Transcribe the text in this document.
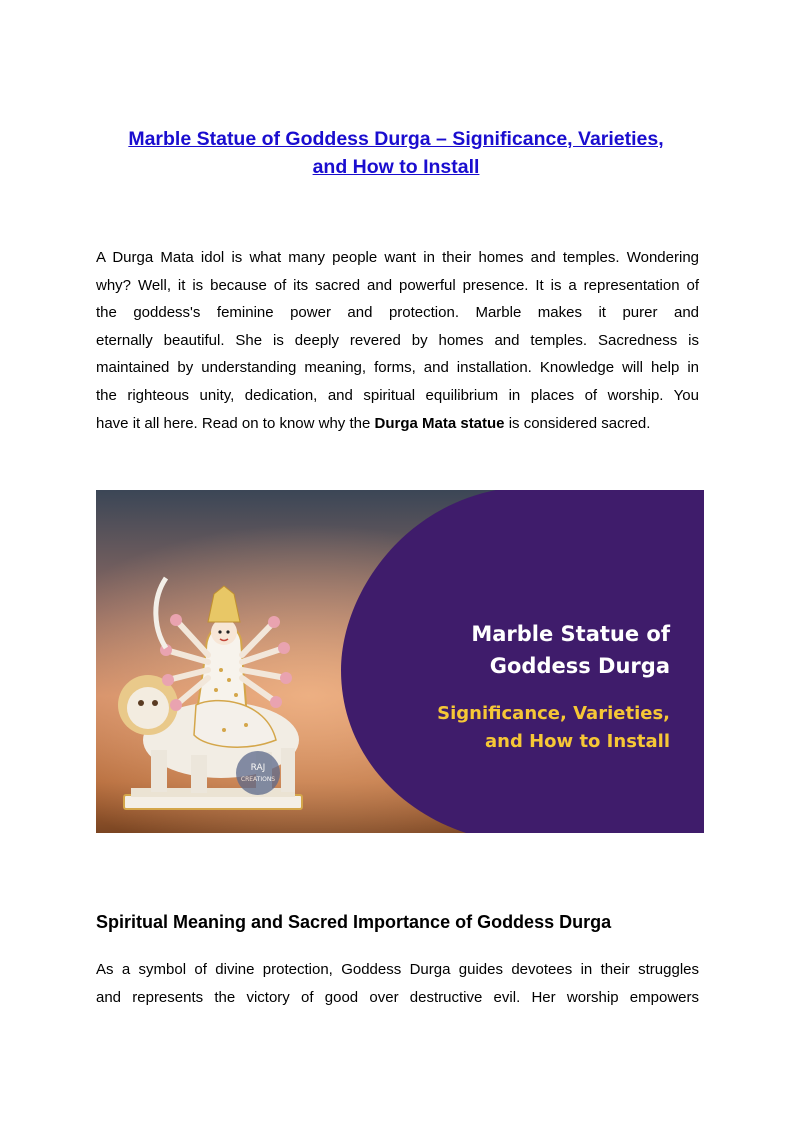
Marble Statue of Goddess Durga – Significance, Varieties,
and How to Install

A Durga Mata idol is what many people want in their homes and temples. Wondering
why? Well, it is because of its sacred and powerful presence. It is a representation of
the goddess's feminine power and protection. Marble makes it purer and
eternally beautiful. She is deeply revered by homes and temples. Sacredness is
maintained by understanding meaning, forms, and installation. Knowledge will help in
the righteous unity, dedication, and spiritual equilibrium in places of worship. You
have it all here. Read on to know why the Durga Mata statue is considered sacred.

RAJ
CREATIONS
Marble Statue of
Goddess Durga
Significance, Varieties,
and How to Install
Spiritual Meaning and Sacred Importance of Goddess Durga

As a symbol of divine protection, Goddess Durga guides devotees in their struggles
and represents the victory of good over destructive evil. Her worship empowers
